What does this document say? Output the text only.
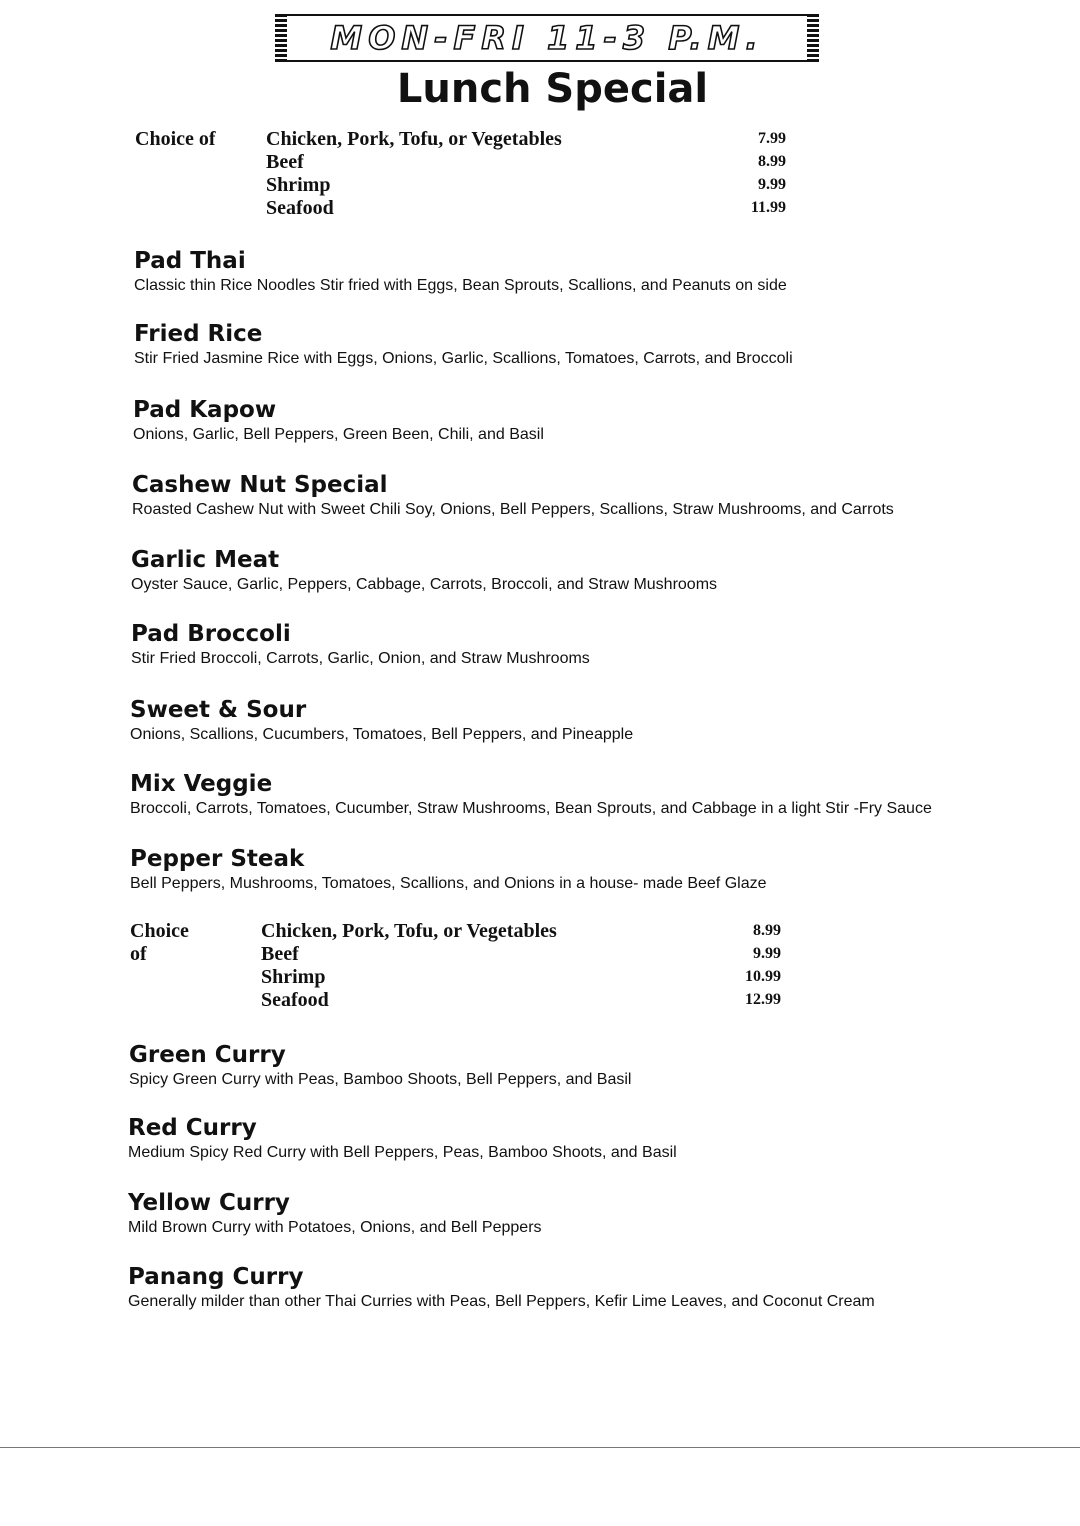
MON-FRI 11-3 P.M.
Lunch Special
Choice of	Chicken, Pork, Tofu, or Vegetables	7.99
Beef	8.99
Shrimp	9.99
Seafood	11.99
Pad Thai
Classic thin Rice Noodles Stir fried with Eggs, Bean Sprouts, Scallions, and Peanuts on side
Fried Rice
Stir Fried Jasmine Rice with Eggs, Onions, Garlic, Scallions, Tomatoes, Carrots, and Broccoli
Pad Kapow
Onions, Garlic, Bell Peppers, Green Been, Chili, and Basil
Cashew Nut Special
Roasted Cashew Nut with Sweet Chili Soy, Onions, Bell Peppers, Scallions, Straw Mushrooms, and Carrots
Garlic Meat
Oyster Sauce, Garlic, Peppers, Cabbage, Carrots, Broccoli, and Straw Mushrooms
Pad Broccoli
Stir Fried Broccoli, Carrots, Garlic, Onion, and Straw Mushrooms
Sweet & Sour
Onions, Scallions, Cucumbers, Tomatoes, Bell Peppers, and Pineapple
Mix Veggie
Broccoli, Carrots, Tomatoes, Cucumber, Straw Mushrooms, Bean Sprouts, and Cabbage in a light Stir -Fry Sauce
Pepper Steak
Bell Peppers, Mushrooms, Tomatoes, Scallions, and Onions in a house- made Beef Glaze
Choice of
Chicken, Pork, Tofu, or Vegetables	8.99
Beef	9.99
Shrimp	10.99
Seafood	12.99
Green Curry
Spicy Green Curry with Peas, Bamboo Shoots, Bell Peppers, and Basil
Red Curry
Medium Spicy Red Curry with Bell Peppers, Peas, Bamboo Shoots, and Basil
Yellow Curry
Mild Brown Curry with Potatoes, Onions, and Bell Peppers
Panang Curry
Generally milder than other Thai Curries with Peas, Bell Peppers, Kefir Lime Leaves, and Coconut Cream
